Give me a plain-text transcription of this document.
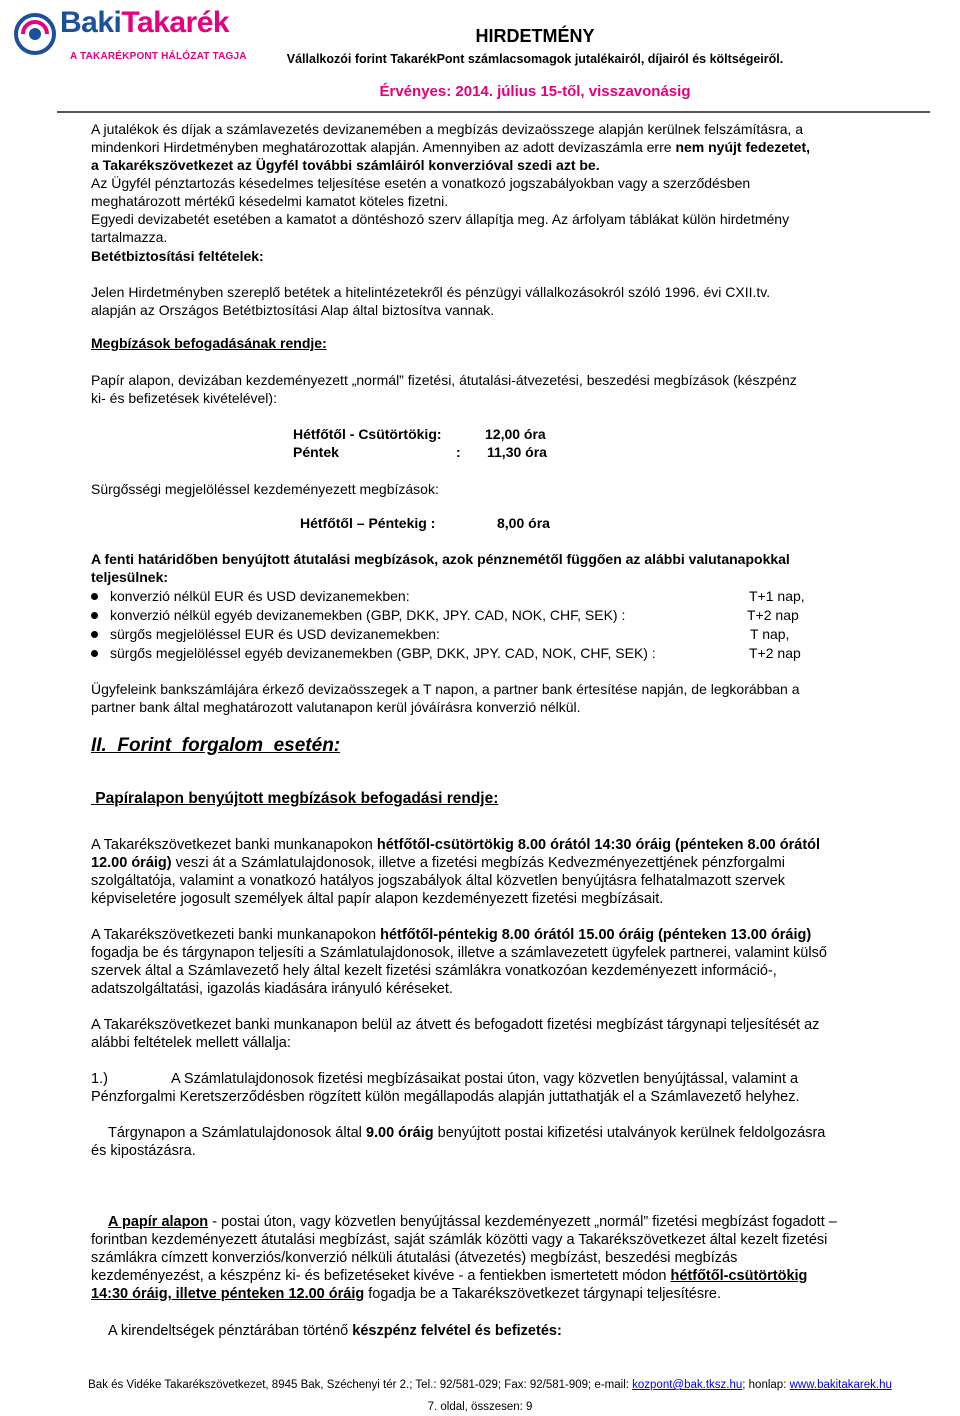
BakiTakarék
A TAKARÉKPONT HÁLÓZAT TAGJA
HIRDETMÉNY
Vállalkozói forint TakarékPont számlacsomagok jutalékairól, díjairól és költségeiről.
Érvényes: 2014. július 15-től, visszavonásig
A jutalékok és díjak a számlavezetés devizanemében a megbízás devizaösszege alapján kerülnek felszámításra, a
mindenkori Hirdetményben meghatározottak alapján. Amennyiben az adott devizaszámla erre nem nyújt fedezetet,
a Takarékszövetkezet az Ügyfél további számláiról konverzióval szedi azt be.
Az Ügyfél pénztartozás késedelmes teljesítése esetén a vonatkozó jogszabályokban vagy a szerződésben
meghatározott mértékű késedelmi kamatot köteles fizetni.
Egyedi devizabetét esetében a kamatot a döntéshozó szerv állapítja meg. Az árfolyam táblákat külön hirdetmény
tartalmazza.
Betétbiztosítási feltételek:
Jelen Hirdetményben szereplő betétek a hitelintézetekről és pénzügyi vállalkozásokról szóló 1996. évi CXII.tv.
alapján az Országos Betétbiztosítási Alap által biztosítva vannak.
Megbízások befogadásának rendje:
Papír alapon, devizában kezdeményezett „normál” fizetési, átutalási-átvezetési, beszedési megbízások (készpénz
ki- és befizetések kivételével):
Hétfőtől - Csütörtökig:	12,00 óra
Péntek	: 11,30 óra
Sürgősségi megjelöléssel kezdeményezett megbízások:
Hétfőtől – Péntekig :	8,00 óra
A fenti határidőben benyújtott átutalási megbízások, azok pénznemétől függően az alábbi valutanapokkal
teljesülnek:
konverzió nélkül EUR és USD devizanemekben:	T+1 nap,
konverzió nélkül egyéb devizanemekben (GBP, DKK, JPY. CAD, NOK, CHF, SEK) :	T+2 nap
sürgős megjelöléssel EUR és USD devizanemekben:	T nap,
sürgős megjelöléssel egyéb devizanemekben (GBP, DKK, JPY. CAD, NOK, CHF, SEK) :	T+2 nap
Ügyfeleink bankszámlájára érkező devizaösszegek a T napon, a partner bank értesítése napján, de legkorábban a
partner bank által meghatározott valutanapon kerül jóváírásra konverzió nélkül.
II.  Forint  forgalom  esetén:
Papíralapon benyújtott megbízások befogadási rendje:
A Takarékszövetkezet banki munkanapokon hétfőtől-csütörtökig 8.00 órától 14:30 óráig (pénteken 8.00 órától
12.00 óráig) veszi át a Számlatulajdonosok, illetve a fizetési megbízás Kedvezményezettjének pénzforgalmi
szolgáltatója, valamint a vonatkozó hatályos jogszabályok által közvetlen benyújtásra felhatalmazott szervek
képviseletére jogosult személyek által papír alapon kezdeményezett fizetési megbízásait.
A Takarékszövetkezeti banki munkanapokon hétfőtől-péntekig 8.00 órától 15.00 óráig (pénteken 13.00 óráig)
fogadja be és tárgynapon teljesíti a Számlatulajdonosok, illetve a számlavezetett ügyfelek partnerei, valamint külső
szervek által a Számlavezető hely által kezelt fizetési számlákra vonatkozóan kezdeményezett információ-,
adatszolgáltatási, igazolás kiadására irányuló kéréseket.
A Takarékszövetkezet banki munkanapon belül az átvett és befogadott fizetési megbízást tárgynapi teljesítését az
alábbi feltételek mellett vállalja:
1.)	A Számlatulajdonosok fizetési megbízásaikat postai úton, vagy közvetlen benyújtással, valamint a
Pénzforgalmi Keretszerződésben rögzített külön megállapodás alapján juttathatják el a Számlavezető helyhez.
Tárgynapon a Számlatulajdonosok által 9.00 óráig benyújtott postai kifizetési utalványok kerülnek feldolgozásra
és kipostázásra.
A papír alapon - postai úton, vagy közvetlen benyújtással kezdeményezett „normál” fizetési megbízást fogadott –
forintban kezdeményezett átutalási megbízást, saját számlák közötti vagy a Takarékszövetkezet által kezelt fizetési
számlákra címzett konverziós/konverzió nélküli átutalási (átvezetés) megbízást, beszedési megbízás
kezdeményezést, a készpénz ki- és befizetéseket kivéve - a fentiekben ismertetett módon hétfőtől-csütörtökig
14:30 óráig, illetve pénteken 12.00 óráig fogadja be a Takarékszövetkezet tárgynapi teljesítésre.
A kirendeltségek pénztárában történő készpénz felvétel és befizetés:
Bak és Vidéke Takarékszövetkezet, 8945 Bak, Széchenyi tér 2.; Tel.: 92/581-029; Fax: 92/581-909; e-mail: kozpont@bak.tksz.hu; honlap: www.bakitakarek.hu
7. oldal, összesen: 9
